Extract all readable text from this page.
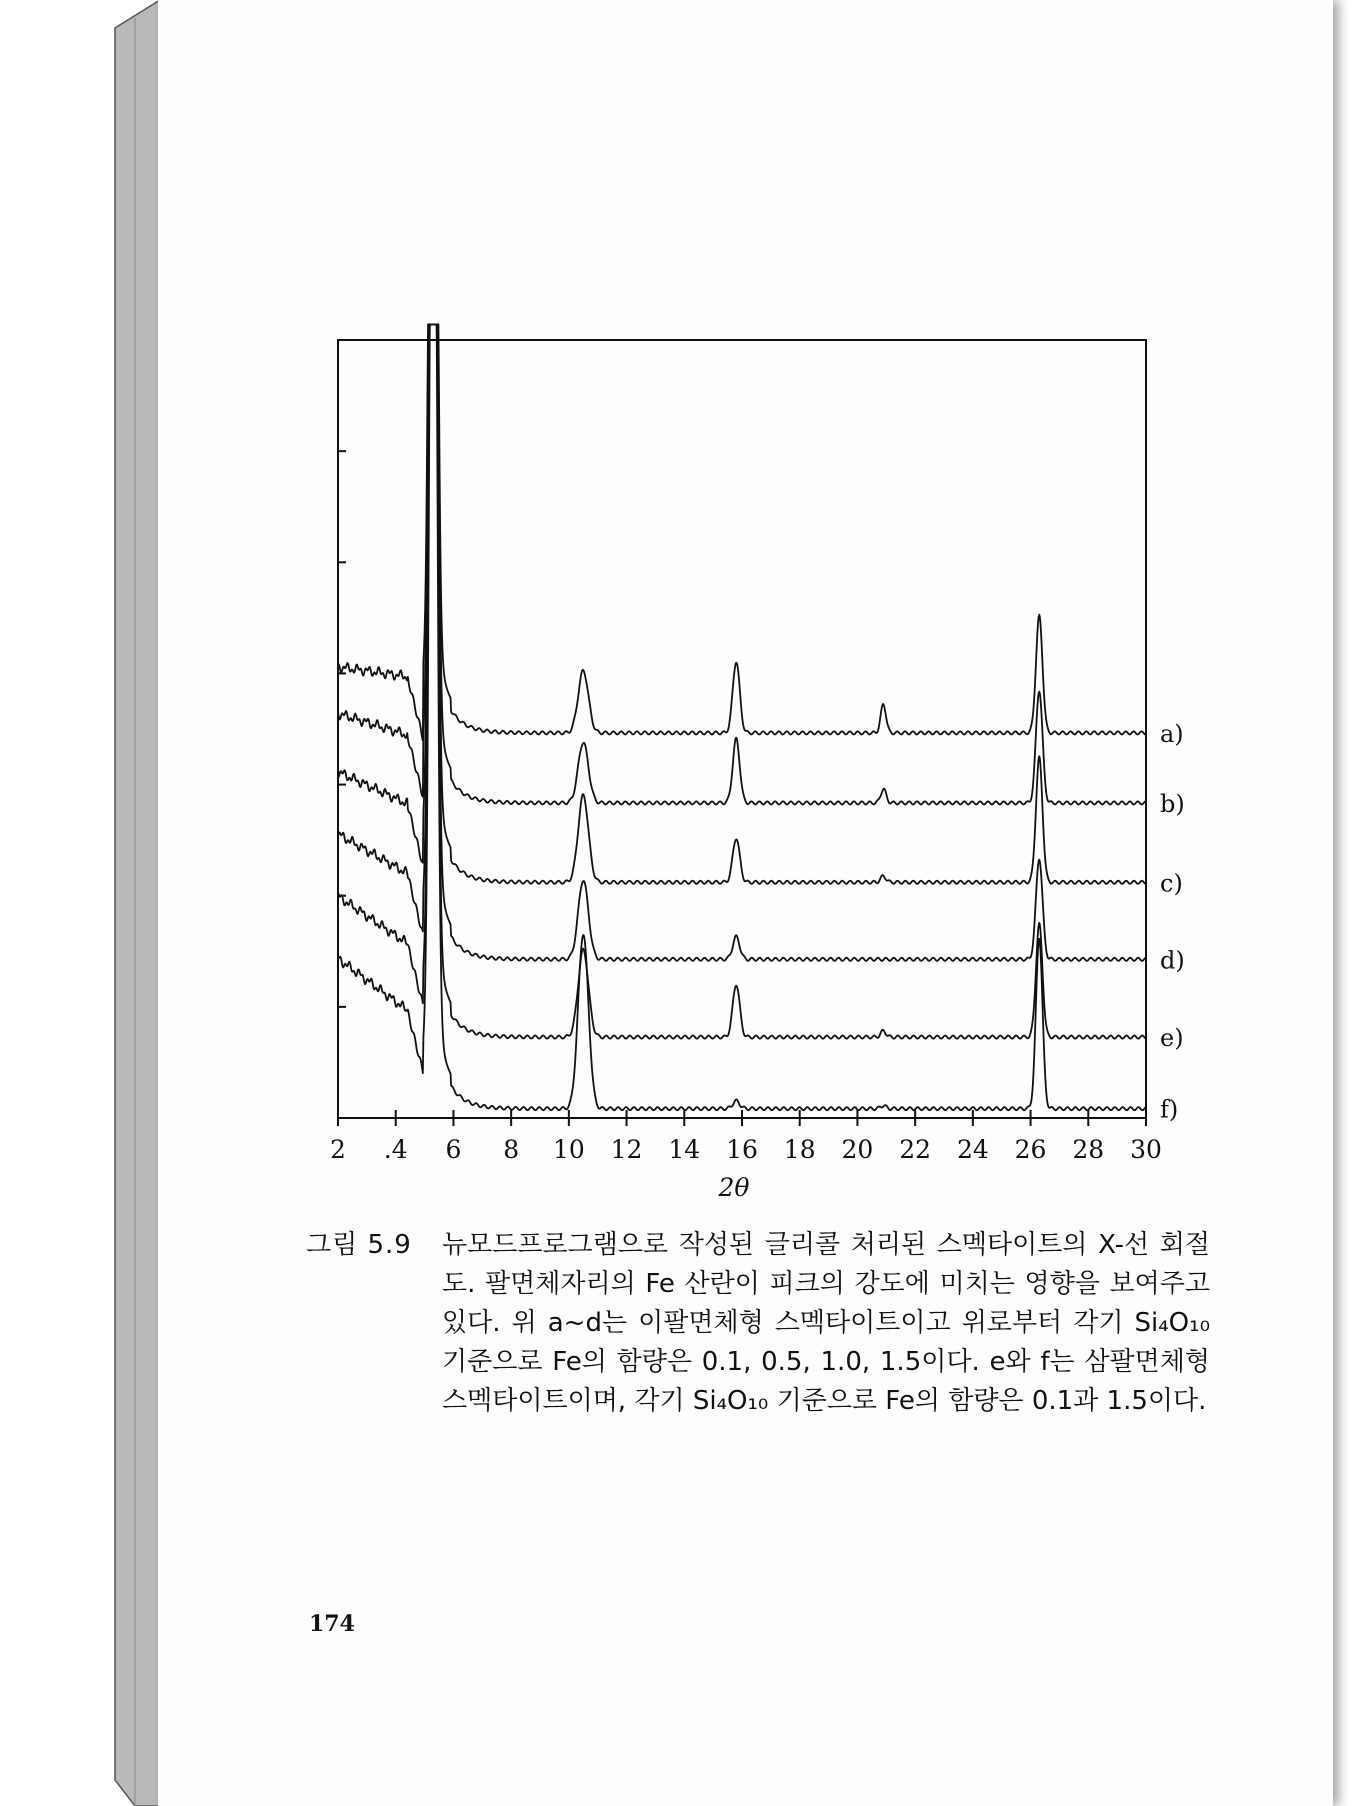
2 .4 6 8 10 12 14 16 18 20 22 24 26 28 30
a)
b)
c)
d)
e)
f)
2θ
그림 5.9 뉴모드프로그램으로 작성된 글리콜 처리된 스멕타이트의 X-선 회절도. 팔면체자리의 Fe 산란이 피크의 강도에 미치는 영향을 보여주고 있다. 위 a~d는 이팔면체형 스멕타이트이고 위로부터 각기 Si₄O₁₀ 기준으로 Fe의 함량은 0.1, 0.5, 1.0, 1.5이다. e와 f는 삼팔면체형 스멕타이트이며, 각기 Si₄O₁₀ 기준으로 Fe의 함량은 0.1과 1.5이다.
174
